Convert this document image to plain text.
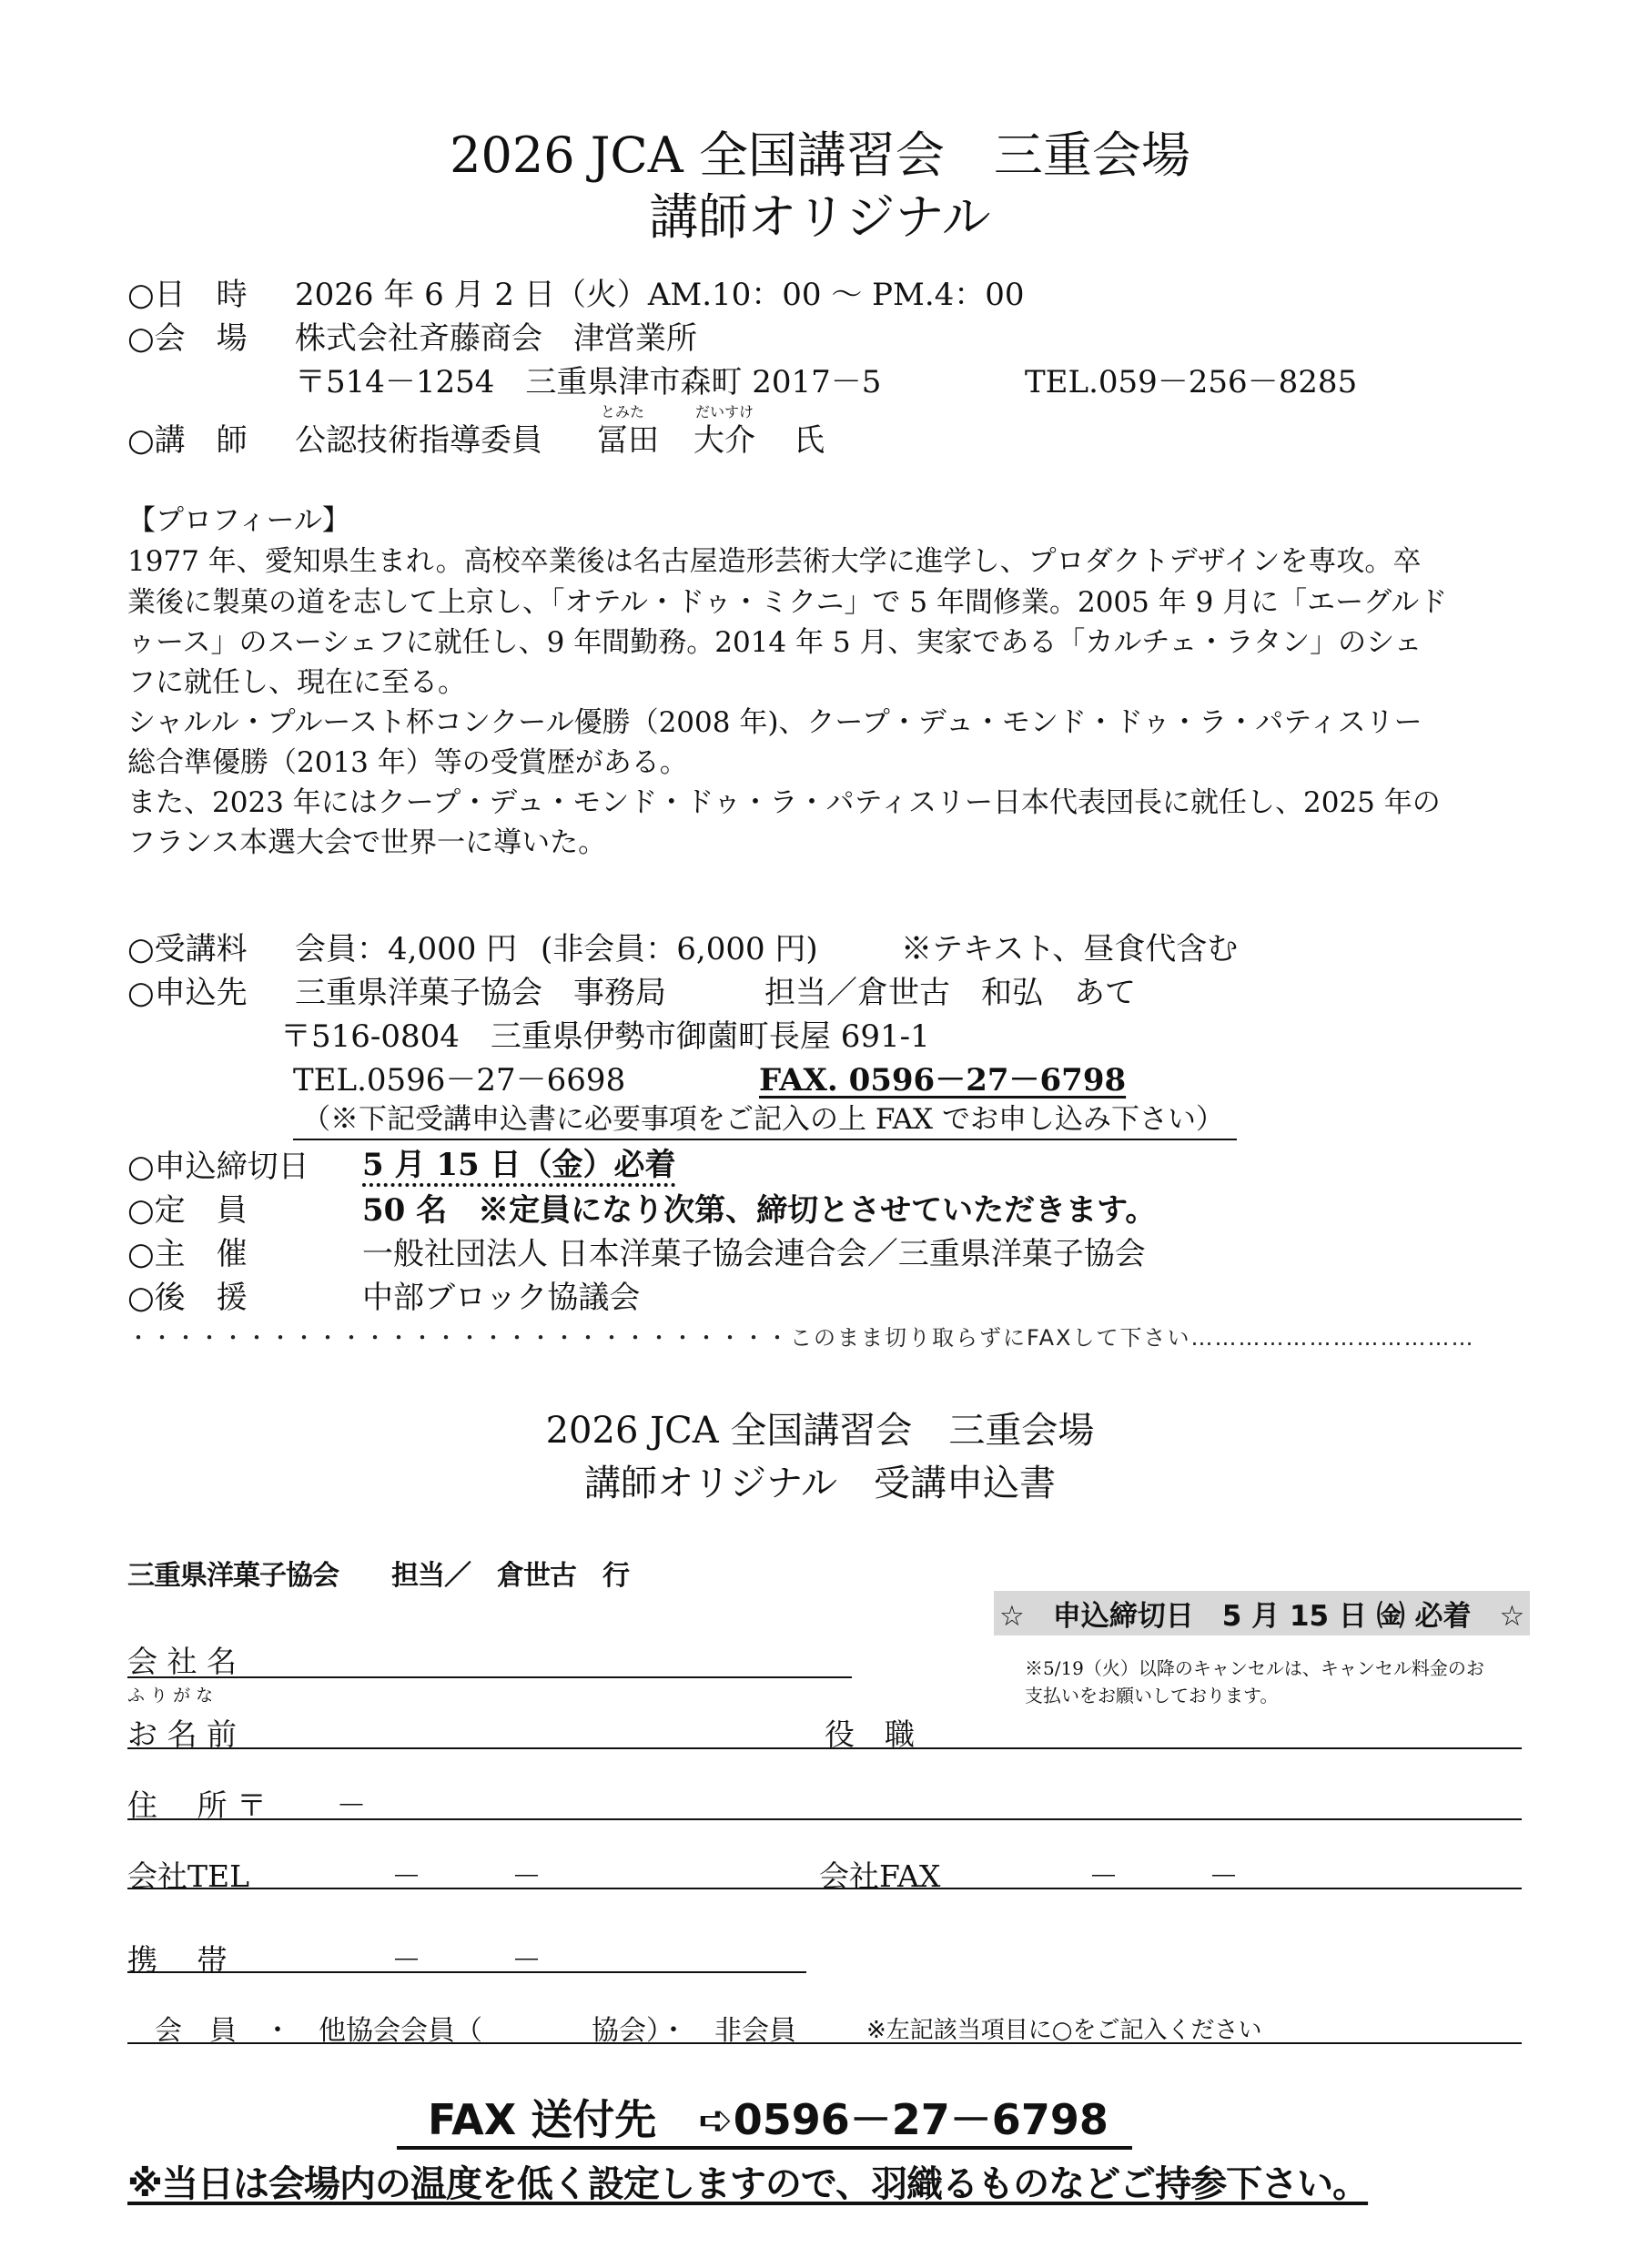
2026 JCA 全国講習会　三重会場
講師オリジナル
○日　時 2026 年 6 月 2 日（火）AM.10：00 ～ PM.4：00
○会　場 株式会社斉藤商会　津営業所
〒514－1254　三重県津市森町 2017－5	TEL.059－256－8285
○講　師 公認技術指導委員
とみた
冨田
だいすけ
大介 氏
【プロフィール】
1977 年、愛知県生まれ。高校卒業後は名古屋造形芸術大学に進学し、プロダクトデザインを専攻。卒
業後に製菓の道を志して上京し、「オテル・ドゥ・ミクニ」で 5 年間修業。2005 年 9 月に「エーグルド
ゥース」のスーシェフに就任し、9 年間勤務。2014 年 5 月、実家である「カルチェ・ラタン」のシェ
フに就任し、現在に至る。
シャルル・プルースト杯コンクール優勝（2008 年)、クープ・デュ・モンド・ドゥ・ラ・パティスリー
総合準優勝（2013 年）等の受賞歴がある。
また、2023 年にはクープ・デュ・モンド・ドゥ・ラ・パティスリー日本代表団長に就任し、2025 年の
フランス本選大会で世界一に導いた。
○受講料 会員：4,000 円 (非会員：6,000 円)	※テキスト、昼食代含む
○申込先 三重県洋菓子協会　事務局	担当／倉世古　和弘　あて
〒516-0804　三重県伊勢市御薗町長屋 691-1
TEL.0596－27－6698	FAX. 0596－27－6798
（※下記受講申込書に必要事項をご記入の上 FAX でお申し込み下さい）
○申込締切日 5 月 15 日（金）必着
○定　員	50 名　※定員になり次第、締切とさせていただきます。
○主　催	一般社団法人 日本洋菓子協会連合会／三重県洋菓子協会
○後　援	中部ブロック協議会
・・・・・・・・・・・・・・・・・・・・・・・・・・・・このまま切り取らずにFAXして下さい………………………………
2026 JCA 全国講習会　三重会場
講師オリジナル　受講申込書
三重県洋菓子協会　　担当／　倉世古　行
☆　申込締切日　5 月 15 日 ㈮ 必着　☆
※5/19（火）以降のキャンセルは、キャンセル料金のお支払いをお願いしております。
会 社 名
ふ り が な
お 名 前	役　職
住　 所 〒　　 －
会社TEL	－　　　－	会社FAX	－　　　－
携　 帯	－　　　－
会　員　・　他協会会員（　　　　協会）・　非会員	※左記該当項目に○をご記入ください
FAX 送付先　➪0596－27－6798
※当日は会場内の温度を低く設定しますので、羽織るものなどご持参下さい。
